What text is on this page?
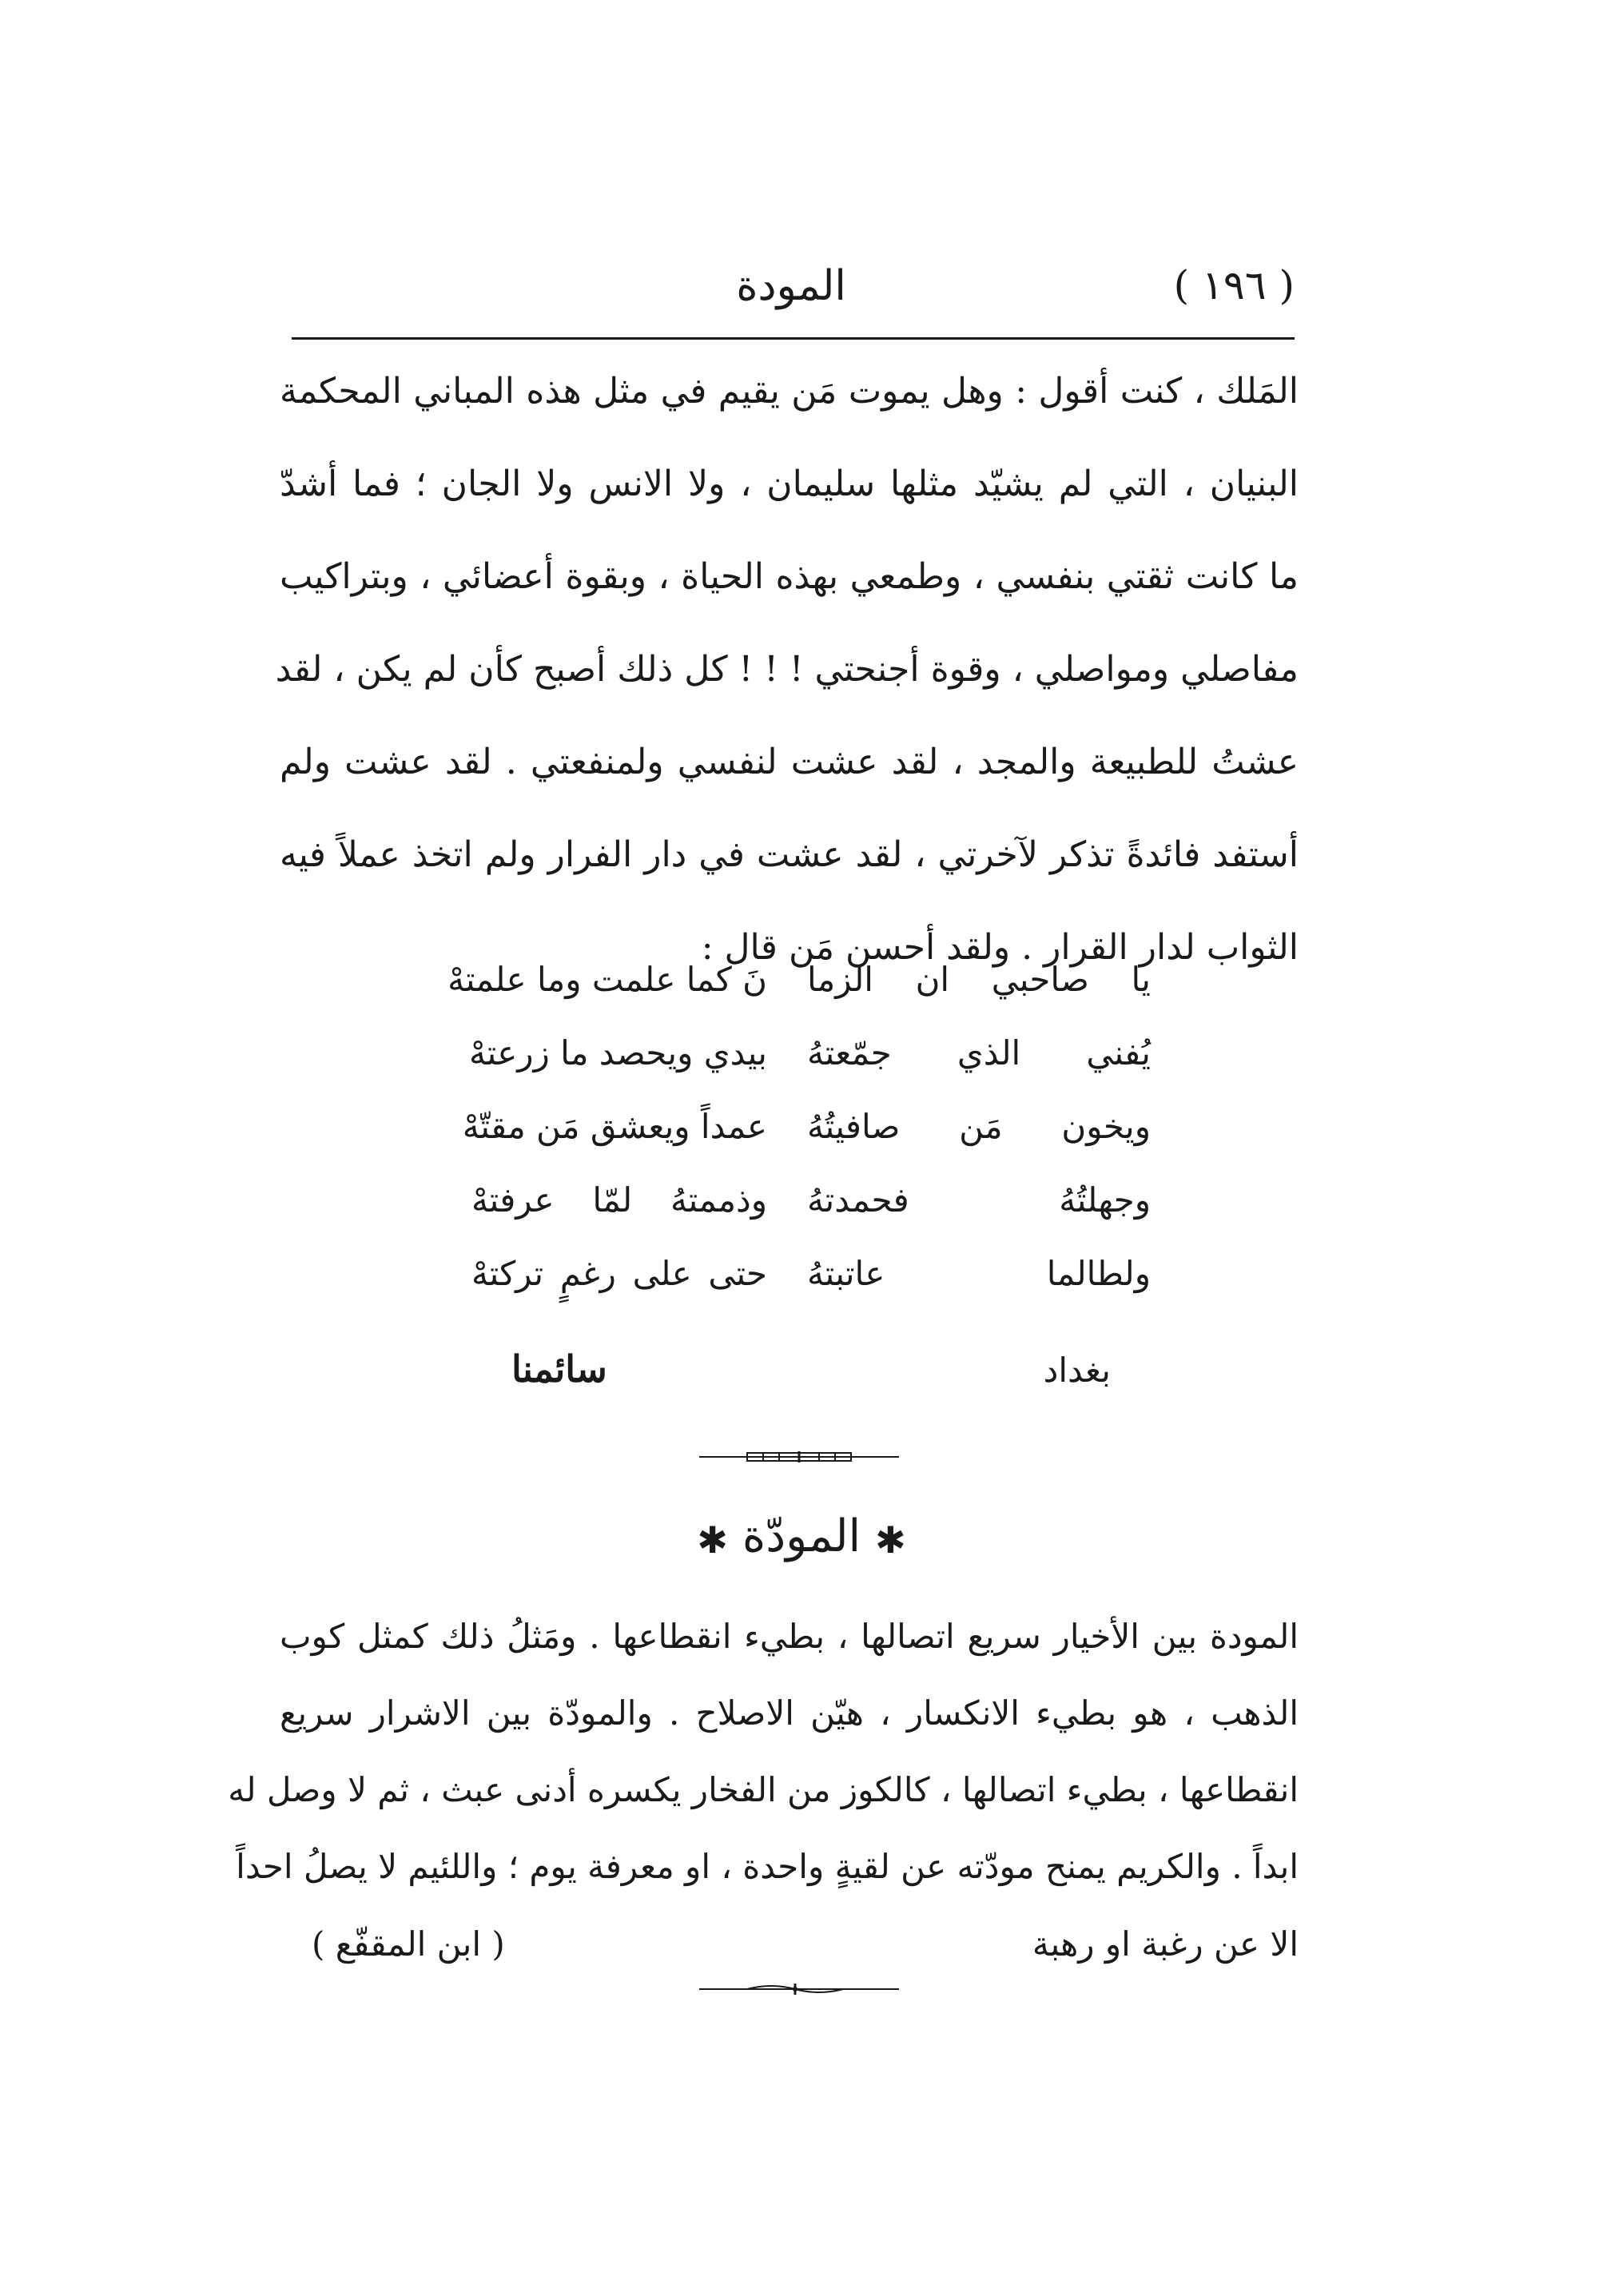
( ١٩٦ )
المودة
المَلك ، كنت أقول : وهل يموت مَن يقيم في مثل هذه المباني المحكمة
البنيان ، التي لم يشيّد مثلها سليمان ، ولا الانس ولا الجان ؛ فما أشدّ
ما كانت ثقتي بنفسي ، وطمعي بهذه الحياة ، وبقوة أعضائي ، وبتراكيب
مفاصلي ومواصلي ، وقوة أجنحتي ! ! ! كل ذلك أصبح كأن لم يكن ، لقد
عشتُ للطبيعة والمجد ، لقد عشت لنفسي ولمنفعتي . لقد عشت ولم
أستفد فائدةً تذكر لآخرتي ، لقد عشت في دار الفرار ولم اتخذ عملاً فيه
الثواب لدار القرار . ولقد أحسن مَن قال :
يا صاحبي ان الزما
نَ كما علمت وما علمتهْ
يُفني الذي جمّعتهُ
بيدي ويحصد ما زرعتهْ
ويخون مَن صافيتُهُ
عمداً ويعشق مَن مقتّهْ
وجهلتُهُ فحمدتهُ
وذممتهُ لمّا عرفتهْ
ولطالما عاتبتهُ
حتى على رغمٍ تركتهْ
بغداد
سائمنا
✱المودّة✱
المودة بين الأخيار سريع اتصالها ، بطيء انقطاعها . ومَثلُ ذلك كمثل كوب
الذهب ، هو بطيء الانكسار ، هيّن الاصلاح . والمودّة بين الاشرار سريع
انقطاعها ، بطيء اتصالها ، كالكوز من الفخار يكسره أدنى عبث ، ثم لا وصل له
ابداً . والكريم يمنح مودّته عن لقيةٍ واحدة ، او معرفة يوم ؛ واللئيم لا يصلُ احداً
الا عن رغبة او رهبة
( ابن المقفّع )
